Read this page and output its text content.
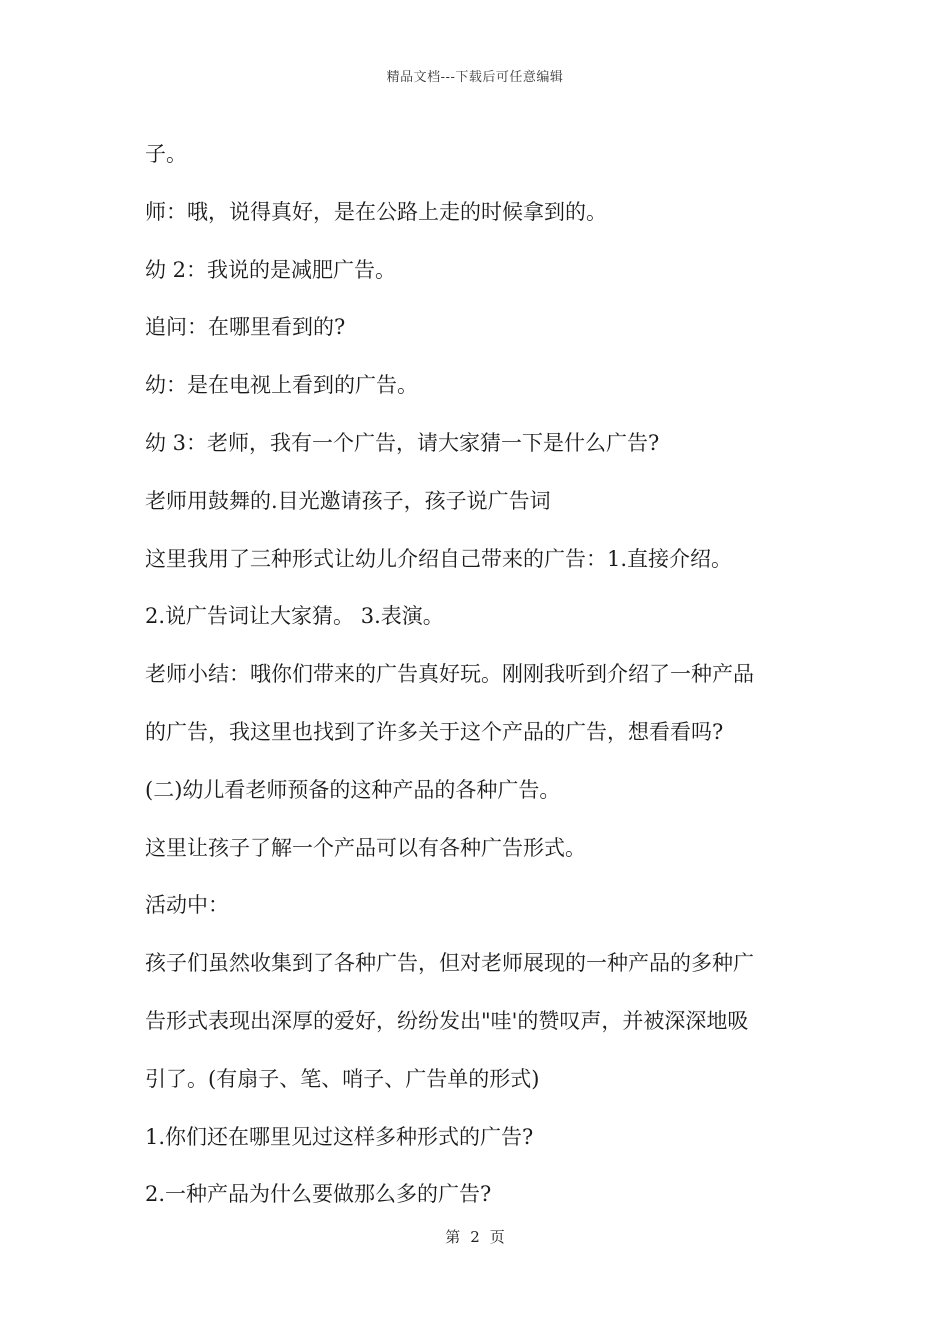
精品文档---下载后可任意编辑
子。
师：哦，说得真好，是在公路上走的时候拿到的。
幼 2：我说的是减肥广告。
追问：在哪里看到的?
幼：是在电视上看到的广告。
幼 3：老师，我有一个广告，请大家猜一下是什么广告?
老师用鼓舞的.目光邀请孩子，孩子说广告词
这里我用了三种形式让幼儿介绍自己带来的广告：1.直接介绍。
2.说广告词让大家猜。 3.表演。
老师小结：哦你们带来的广告真好玩。刚刚我听到介绍了一种产品
的广告，我这里也找到了许多关于这个产品的广告，想看看吗?
(二)幼儿看老师预备的这种产品的各种广告。
这里让孩子了解一个产品可以有各种广告形式。
活动中：
孩子们虽然收集到了各种广告，但对老师展现的一种产品的多种广
告形式表现出深厚的爱好，纷纷发出"哇'的赞叹声，并被深深地吸
引了。(有扇子、笔、哨子、广告单的形式)
1.你们还在哪里见过这样多种形式的广告?
2.一种产品为什么要做那么多的广告?
第 2 页
